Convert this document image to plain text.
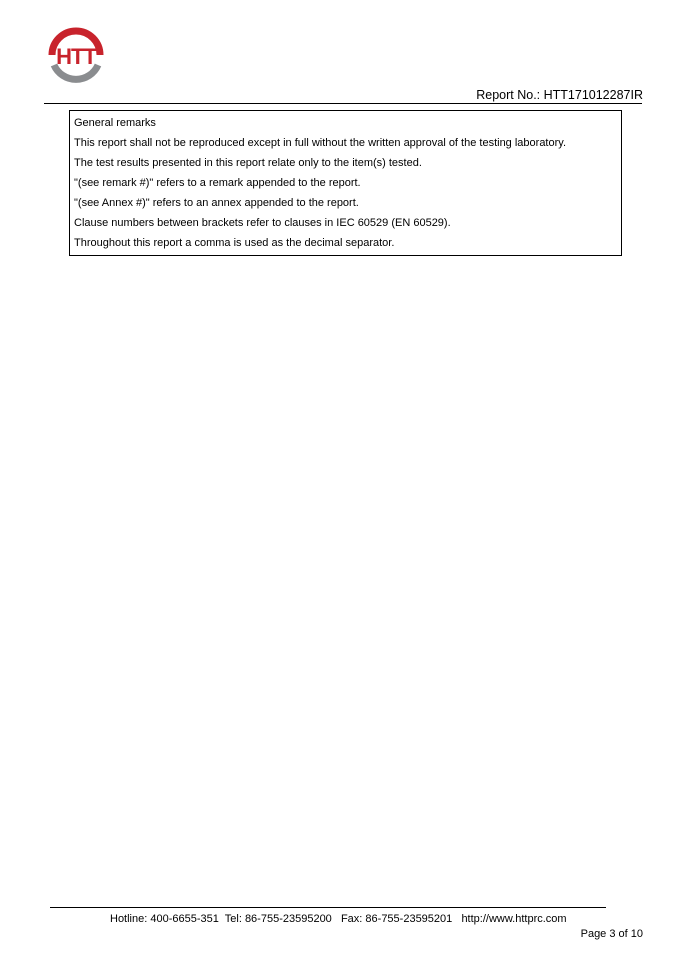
HTT
Report No.: HTT171012287IR
General remarks
This report shall not be reproduced except in full without the written approval of the testing laboratory.
The test results presented in this report relate only to the item(s) tested.
"(see remark #)" refers to a remark appended to the report.
"(see Annex #)" refers to an annex appended to the report.
Clause numbers between brackets refer to clauses in IEC 60529 (EN 60529).
Throughout this report a comma is used as the decimal separator.
Hotline: 400-6655-351  Tel: 86-755-23595200   Fax: 86-755-23595201   http://www.httprc.com
Page 3 of 10
